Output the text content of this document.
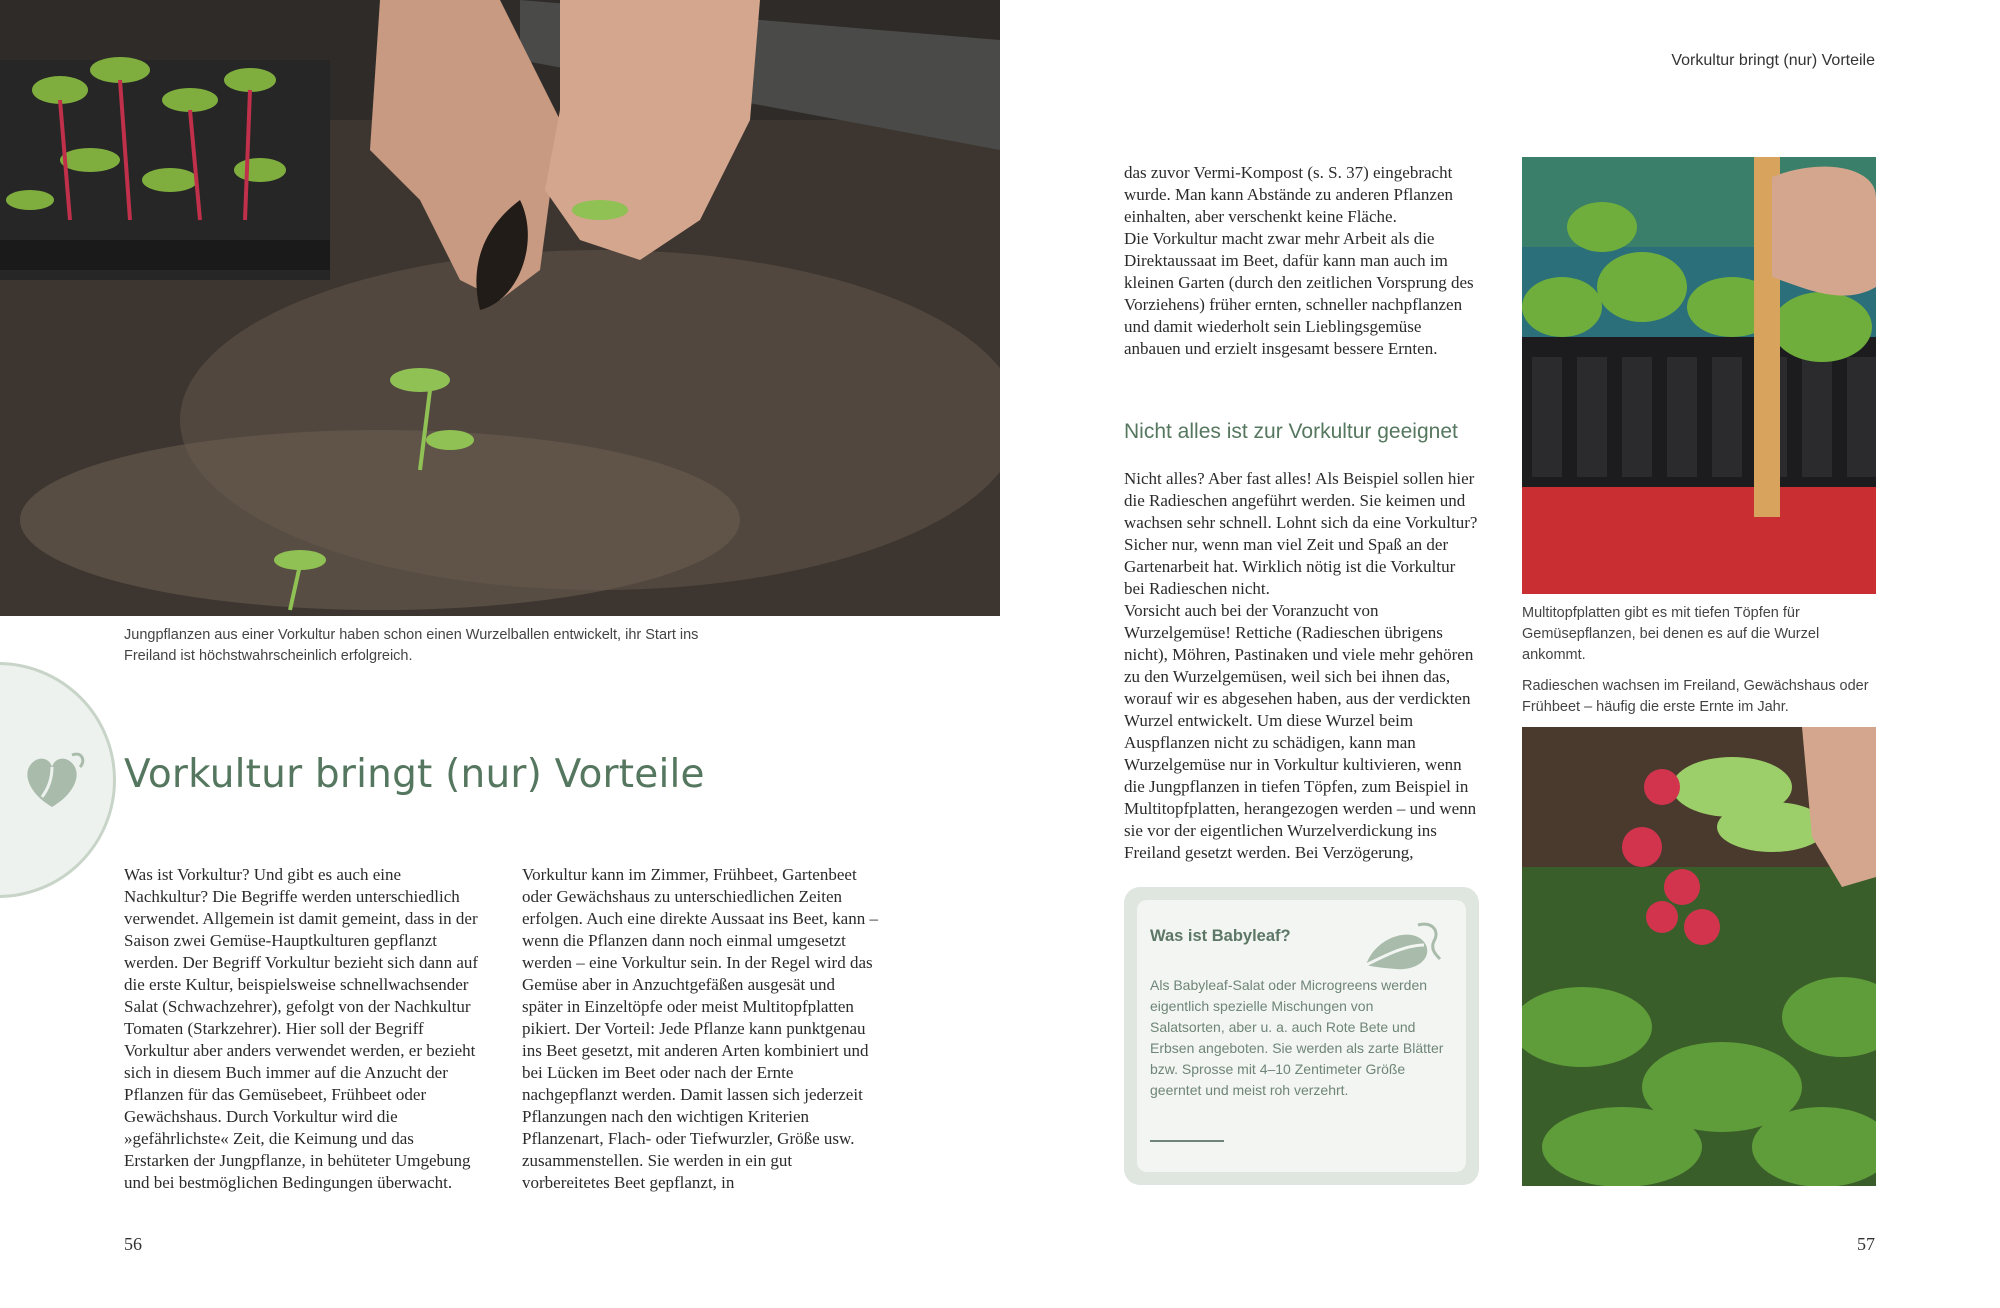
Jungpflanzen aus einer Vorkultur haben schon einen Wurzelballen entwickelt, ihr Start ins Freiland ist höchstwahrscheinlich erfolgreich.

Vorkultur bringt (nur) Vorteile

Was ist Vorkultur? Und gibt es auch eine Nachkultur? Die Begriffe werden unterschiedlich verwendet. Allgemein ist damit gemeint, dass in der Saison zwei Gemüse-Hauptkulturen gepflanzt werden. Der Begriff Vorkultur bezieht sich dann auf die erste Kultur, beispielsweise schnellwachsender Salat (Schwachzehrer), gefolgt von der Nachkultur Tomaten (Starkzehrer). Hier soll der Begriff Vorkultur aber anders verwendet werden, er bezieht sich in diesem Buch immer auf die Anzucht der Pflanzen für das Gemüsebeet, Frühbeet oder Gewächshaus. Durch Vorkultur wird die »gefährlichste« Zeit, die Keimung und das Erstarken der Jungpflanze, in behüteter Umgebung und bei bestmöglichen Bedingungen überwacht.

Vorkultur kann im Zimmer, Frühbeet, Gartenbeet oder Gewächshaus zu unterschiedlichen Zeiten erfolgen. Auch eine direkte Aussaat ins Beet, kann – wenn die Pflanzen dann noch einmal umgesetzt werden – eine Vorkultur sein. In der Regel wird das Gemüse aber in Anzuchtgefäßen ausgesät und später in Einzeltöpfe oder meist Multitopfplatten pikiert. Der Vorteil: Jede Pflanze kann punktgenau ins Beet gesetzt, mit anderen Arten kombiniert und bei Lücken im Beet oder nach der Ernte nachgepflanzt werden. Damit lassen sich jederzeit Pflanzungen nach den wichtigen Kriterien Pflanzenart, Flach- oder Tiefwurzler, Größe usw. zusammenstellen. Sie werden in ein gut vorbereitetes Beet gepflanzt, in

56
Vorkultur bringt (nur) Vorteile

das zuvor Vermi-Kompost (s. S. 37) eingebracht wurde. Man kann Abstände zu anderen Pflanzen einhalten, aber verschenkt keine Fläche.

Die Vorkultur macht zwar mehr Arbeit als die Direktaussaat im Beet, dafür kann man auch im kleinen Garten (durch den zeitlichen Vorsprung des Vorziehens) früher ernten, schneller nachpflanzen und damit wiederholt sein Lieblingsgemüse anbauen und erzielt insgesamt bessere Ernten.

Nicht alles ist zur Vorkultur geeignet

Nicht alles? Aber fast alles! Als Beispiel sollen hier die Radieschen angeführt werden. Sie keimen und wachsen sehr schnell. Lohnt sich da eine Vorkultur? Sicher nur, wenn man viel Zeit und Spaß an der Gartenarbeit hat. Wirklich nötig ist die Vorkultur bei Radieschen nicht.

Vorsicht auch bei der Voranzucht von Wurzelgemüse! Rettiche (Radieschen übrigens nicht), Möhren, Pastinaken und viele mehr gehören zu den Wurzelgemüsen, weil sich bei ihnen das, worauf wir es abgesehen haben, aus der verdickten Wurzel entwickelt. Um diese Wurzel beim Auspflanzen nicht zu schädigen, kann man Wurzelgemüse nur in Vorkultur kultivieren, wenn die Jungpflanzen in tiefen Töpfen, zum Beispiel in Multitopfplatten, herangezogen werden – und wenn sie vor der eigentlichen Wurzelverdickung ins Freiland gesetzt werden. Bei Verzögerung,

Was ist Babyleaf?

Als Babyleaf-Salat oder Microgreens werden eigentlich spezielle Mischungen von Salatsorten, aber u. a. auch Rote Bete und Erbsen angeboten. Sie werden als zarte Blätter bzw. Sprosse mit 4–10 Zentimeter Größe geerntet und meist roh verzehrt.

Multitopfplatten gibt es mit tiefen Töpfen für Gemüsepflanzen, bei denen es auf die Wurzel ankommt.

Radieschen wachsen im Freiland, Gewächshaus oder Frühbeet – häufig die erste Ernte im Jahr.

57
